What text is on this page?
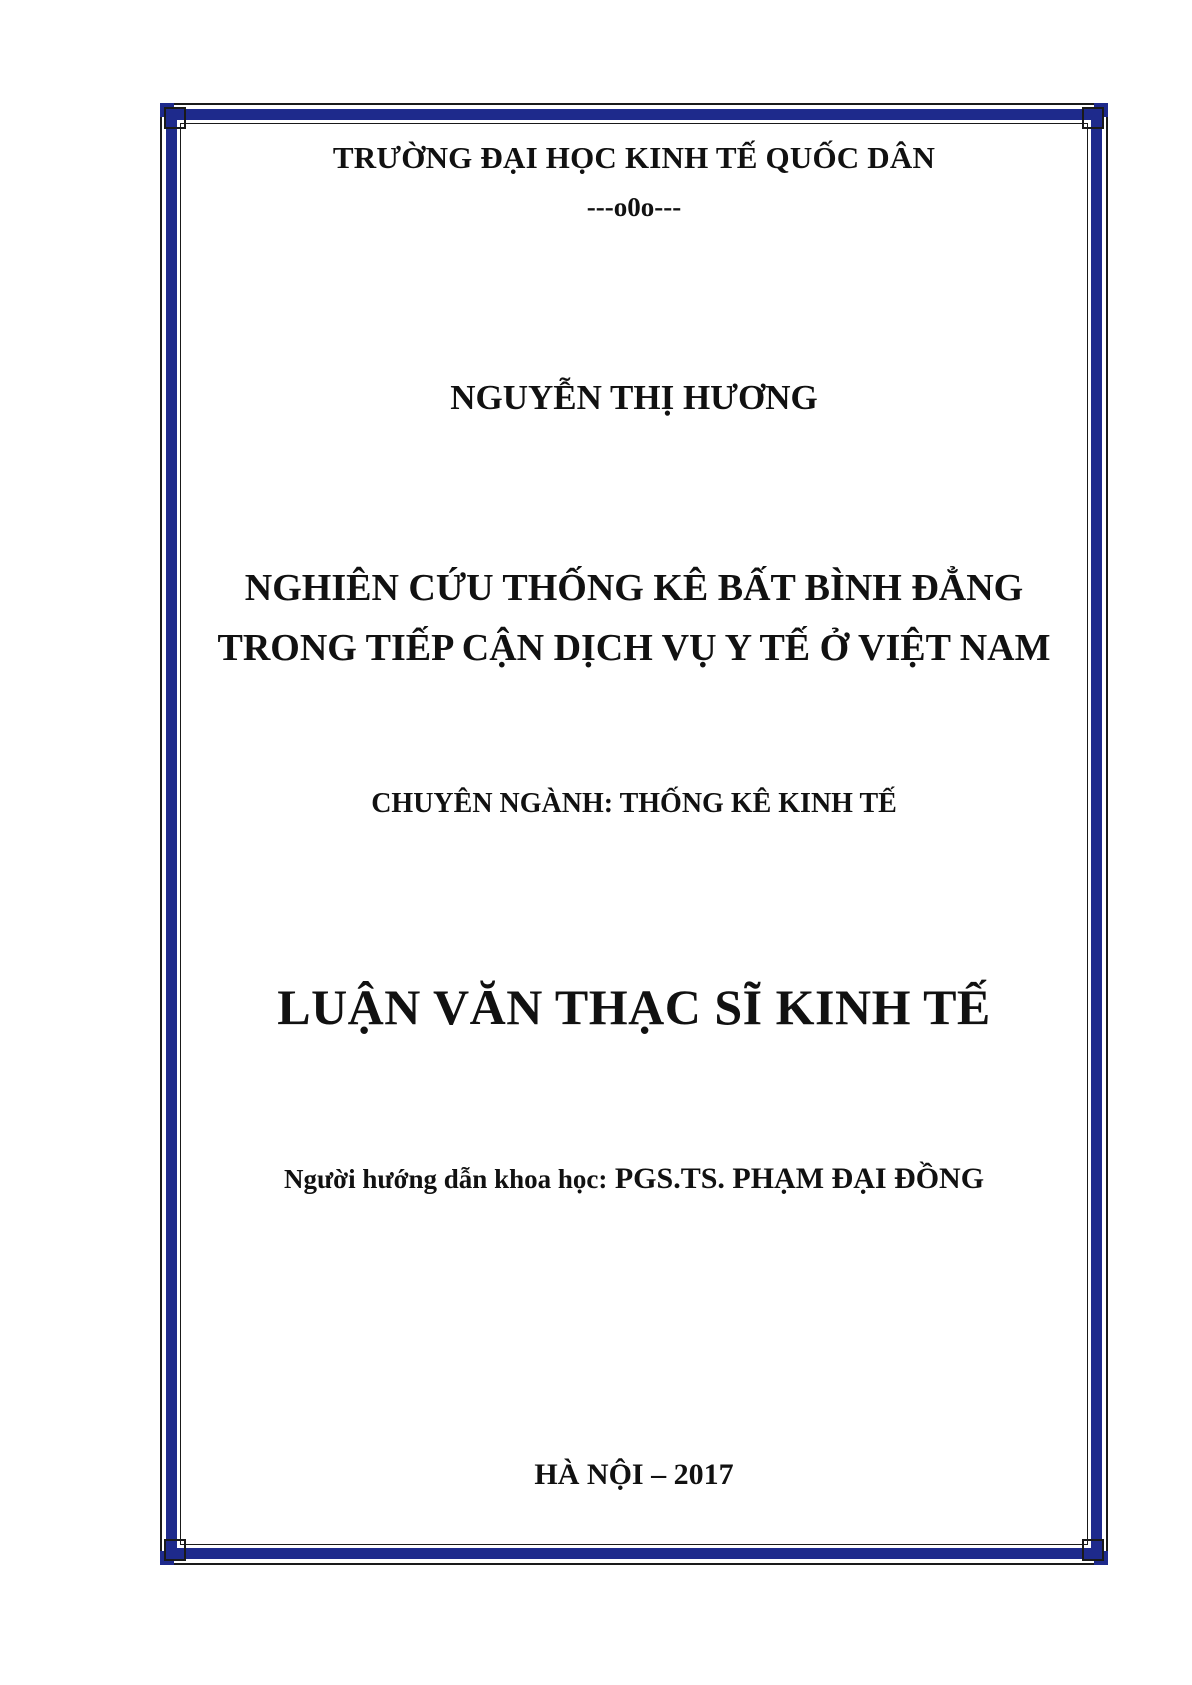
TRƯỜNG ĐẠI HỌC KINH TẾ QUỐC DÂN
---o0o---
NGUYỄN THỊ HƯƠNG
NGHIÊN CỨU THỐNG KÊ BẤT BÌNH ĐẲNG
TRONG TIẾP CẬN DỊCH VỤ Y TẾ Ở VIỆT NAM
CHUYÊN NGÀNH: THỐNG KÊ KINH TẾ
LUẬN VĂN THẠC SĨ KINH TẾ
Người hướng dẫn khoa học: PGS.TS. PHẠM ĐẠI ĐỒNG
HÀ NỘI – 2017
